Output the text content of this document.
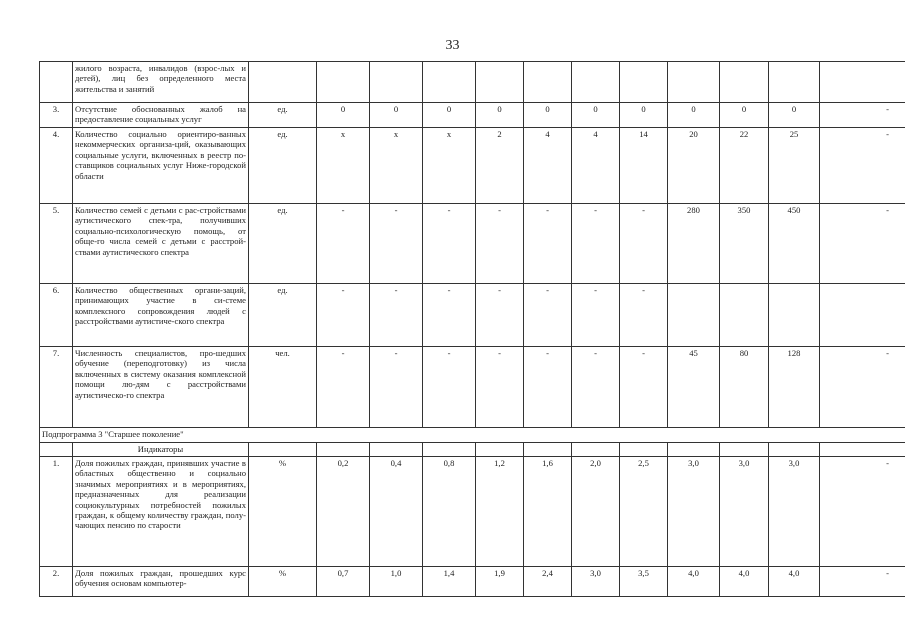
33
	жилого возраста, инвалидов (взрос-лых и детей), лиц без определенного места жительства и занятий												
3.	Отсутствие обоснованных жалоб на предоставление социальных услуг	ед.	0	0	0	0	0	0	0	0	0	0	-
4.	Количество социально ориентиро-ванных некоммерческих организа-ций, оказывающих социальные услуги, включенных в реестр по-ставщиков социальных услуг Ниже-городской области	ед.	x	x	x	2	4	4	14	20	22	25	-
5.	Количество семей с детьми с рас-стройствами аутистического спек-тра, получивших социально-психологическую помощь, от обще-го числа семей с детьми с расстрой-ствами аутистического спектра	ед.	-	-	-	-	-	-	-	280	350	450	-
6.	Количество общественных органи-заций, принимающих участие в си-стеме комплексного сопровождения людей с расстройствами аутистиче-ского спектра	ед.	-	-	-	-	-	-	-				
7.	Численность специалистов, про-шедших обучение (переподготовку) из числа включенных в систему оказания комплексной помощи лю-дям с расстройствами аутистическо-го спектра	чел.	-	-	-	-	-	-	-	45	80	128	-
Подпрограмма 3 "Старшее поколение"													
	Индикаторы												
1.	Доля пожилых граждан, принявших участие в областных общественно и социально значимых мероприятиях и в мероприятиях, предназначенных для реализации социокультурных потребностей пожилых граждан, к общему количеству граждан, полу-чающих пенсию по старости	%	0,2	0,4	0,8	1,2	1,6	2,0	2,5	3,0	3,0	3,0	-
2.	Доля пожилых граждан, прошедших курс обучения основам компьютер-	%	0,7	1,0	1,4	1,9	2,4	3,0	3,5	4,0	4,0	4,0	-
